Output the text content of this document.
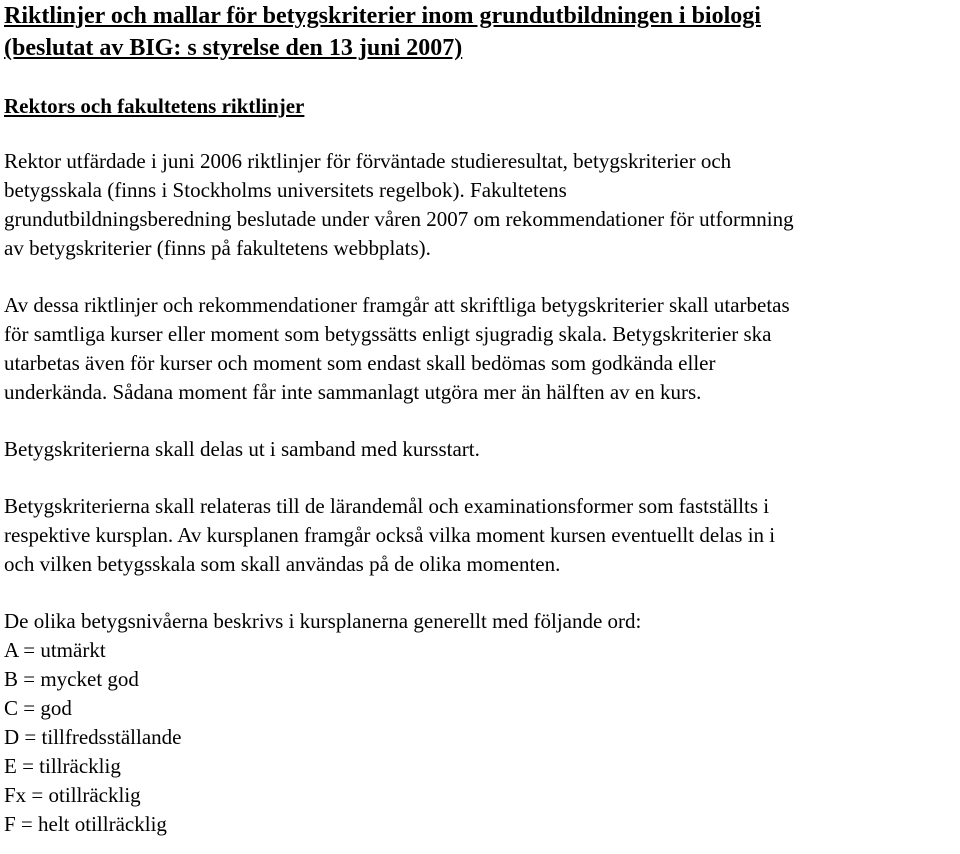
Riktlinjer och mallar för betygskriterier inom grundutbildningen i biologi
(beslutat av BIG: s styrelse den 13 juni 2007)
Rektors och fakultetens riktlinjer

Rektor utfärdade i juni 2006 riktlinjer för förväntade studieresultat, betygskriterier och
betygsskala (finns i Stockholms universitets regelbok). Fakultetens
grundutbildningsberedning beslutade under våren 2007 om rekommendationer för utformning
av betygskriterier (finns på fakultetens webbplats).

Av dessa riktlinjer och rekommendationer framgår att skriftliga betygskriterier skall utarbetas
för samtliga kurser eller moment som betygssätts enligt sjugradig skala. Betygskriterier ska
utarbetas även för kurser och moment som endast skall bedömas som godkända eller
underkända. Sådana moment får inte sammanlagt utgöra mer än hälften av en kurs.

Betygskriterierna skall delas ut i samband med kursstart.

Betygskriterierna skall relateras till de lärandemål och examinationsformer som fastställts i
respektive kursplan. Av kursplanen framgår också vilka moment kursen eventuellt delas in i
och vilken betygsskala som skall användas på de olika momenten.

De olika betygsnivåerna beskrivs i kursplanerna generellt med följande ord:
A = utmärkt
B = mycket god
C = god
D = tillfredsställande
E = tillräcklig
Fx = otillräcklig
F = helt otillräcklig
